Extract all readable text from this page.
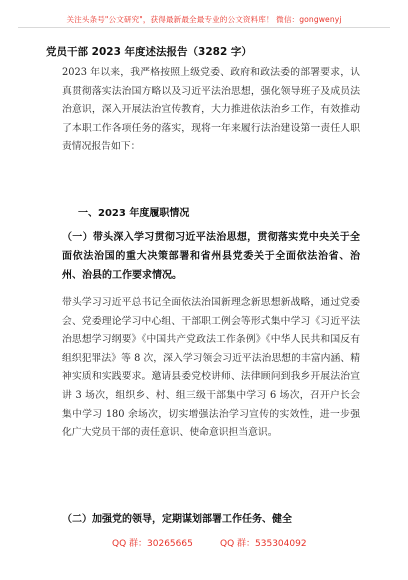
关注头条号"公文研究"，获得最新最全最专业的公文资料库！ 微信：gongwenyj
党员干部 2023 年度述法报告（3282 字）
2023 年以来，我严格按照上级党委、政府和政法委的部署要求，认真贯彻落实法治国方略以及习近平法治思想，强化领导班子及成员法治意识，深入开展法治宣传教育，大力推进依法治乡工作，有效推动了本职工作各项任务的落实，现将一年来履行法治建设第一责任人职责情况报告如下：
一、2023 年度履职情况
（一）带头深入学习贯彻习近平法治思想，贯彻落实党中央关于全面依法治国的重大决策部署和省州县党委关于全面依法治省、治州、治县的工作要求情况。
带头学习习近平总书记全面依法治国新理念新思想新战略，通过党委会、党委理论学习中心组、干部职工例会等形式集中学习《习近平法治思想学习纲要》《中国共产党政法工作条例》《中华人民共和国反有组织犯罪法》等 8 次，深入学习领会习近平法治思想的丰富内涵、精神实质和实践要求。邀请县委党校讲师、法律顾问到我乡开展法治宣讲 3 场次，组织乡、村、组三级干部集中学习 6 场次，召开户长会集中学习 180 余场次，切实增强法治学习宣传的实效性，进一步强化广大党员干部的责任意识、使命意识担当意识。
（二）加强党的领导，定期谋划部署工作任务、健全
QQ 群：30265665	QQ 群：535304092
